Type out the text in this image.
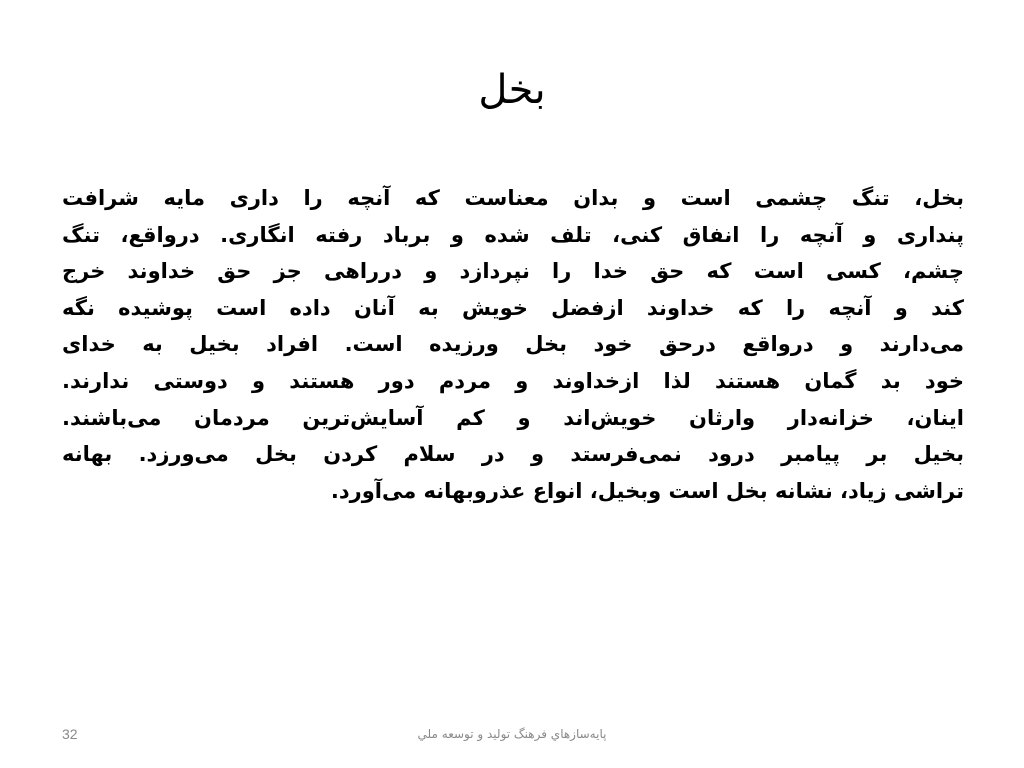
بخل
بخل، تنگ چشمی است و بدان معناست که آنچه را داری مایه شرافت
پنداری و آنچه را انفاق کنی، تلف شده و برباد رفته انگاری. درواقع، تنگ
چشم، کسی است که حق خدا را نپردازد و درراهی جز حق خداوند خرج
کند و آنچه را که خداوند ازفضل خویش به آنان داده است پوشیده نگه
می‌دارند و درواقع درحق خود بخل ورزیده است. افراد بخیل به خدای
خود بد گمان هستند لذا ازخداوند و مردم دور هستند و دوستی ندارند.
اینان، خزانه‌دار وارثان خویش‌اند و کم آسایش‌ترین مردمان می‌باشند.
بخیل بر پیامبر درود نمی‌فرستد و در سلام کردن بخل می‌ورزد. بهانه
تراشی زیاد، نشانه بخل است وبخیل، انواع عذروبهانه می‌آورد.
32	پايه‌سازهاي فرهنگ توليد و توسعه ملي
